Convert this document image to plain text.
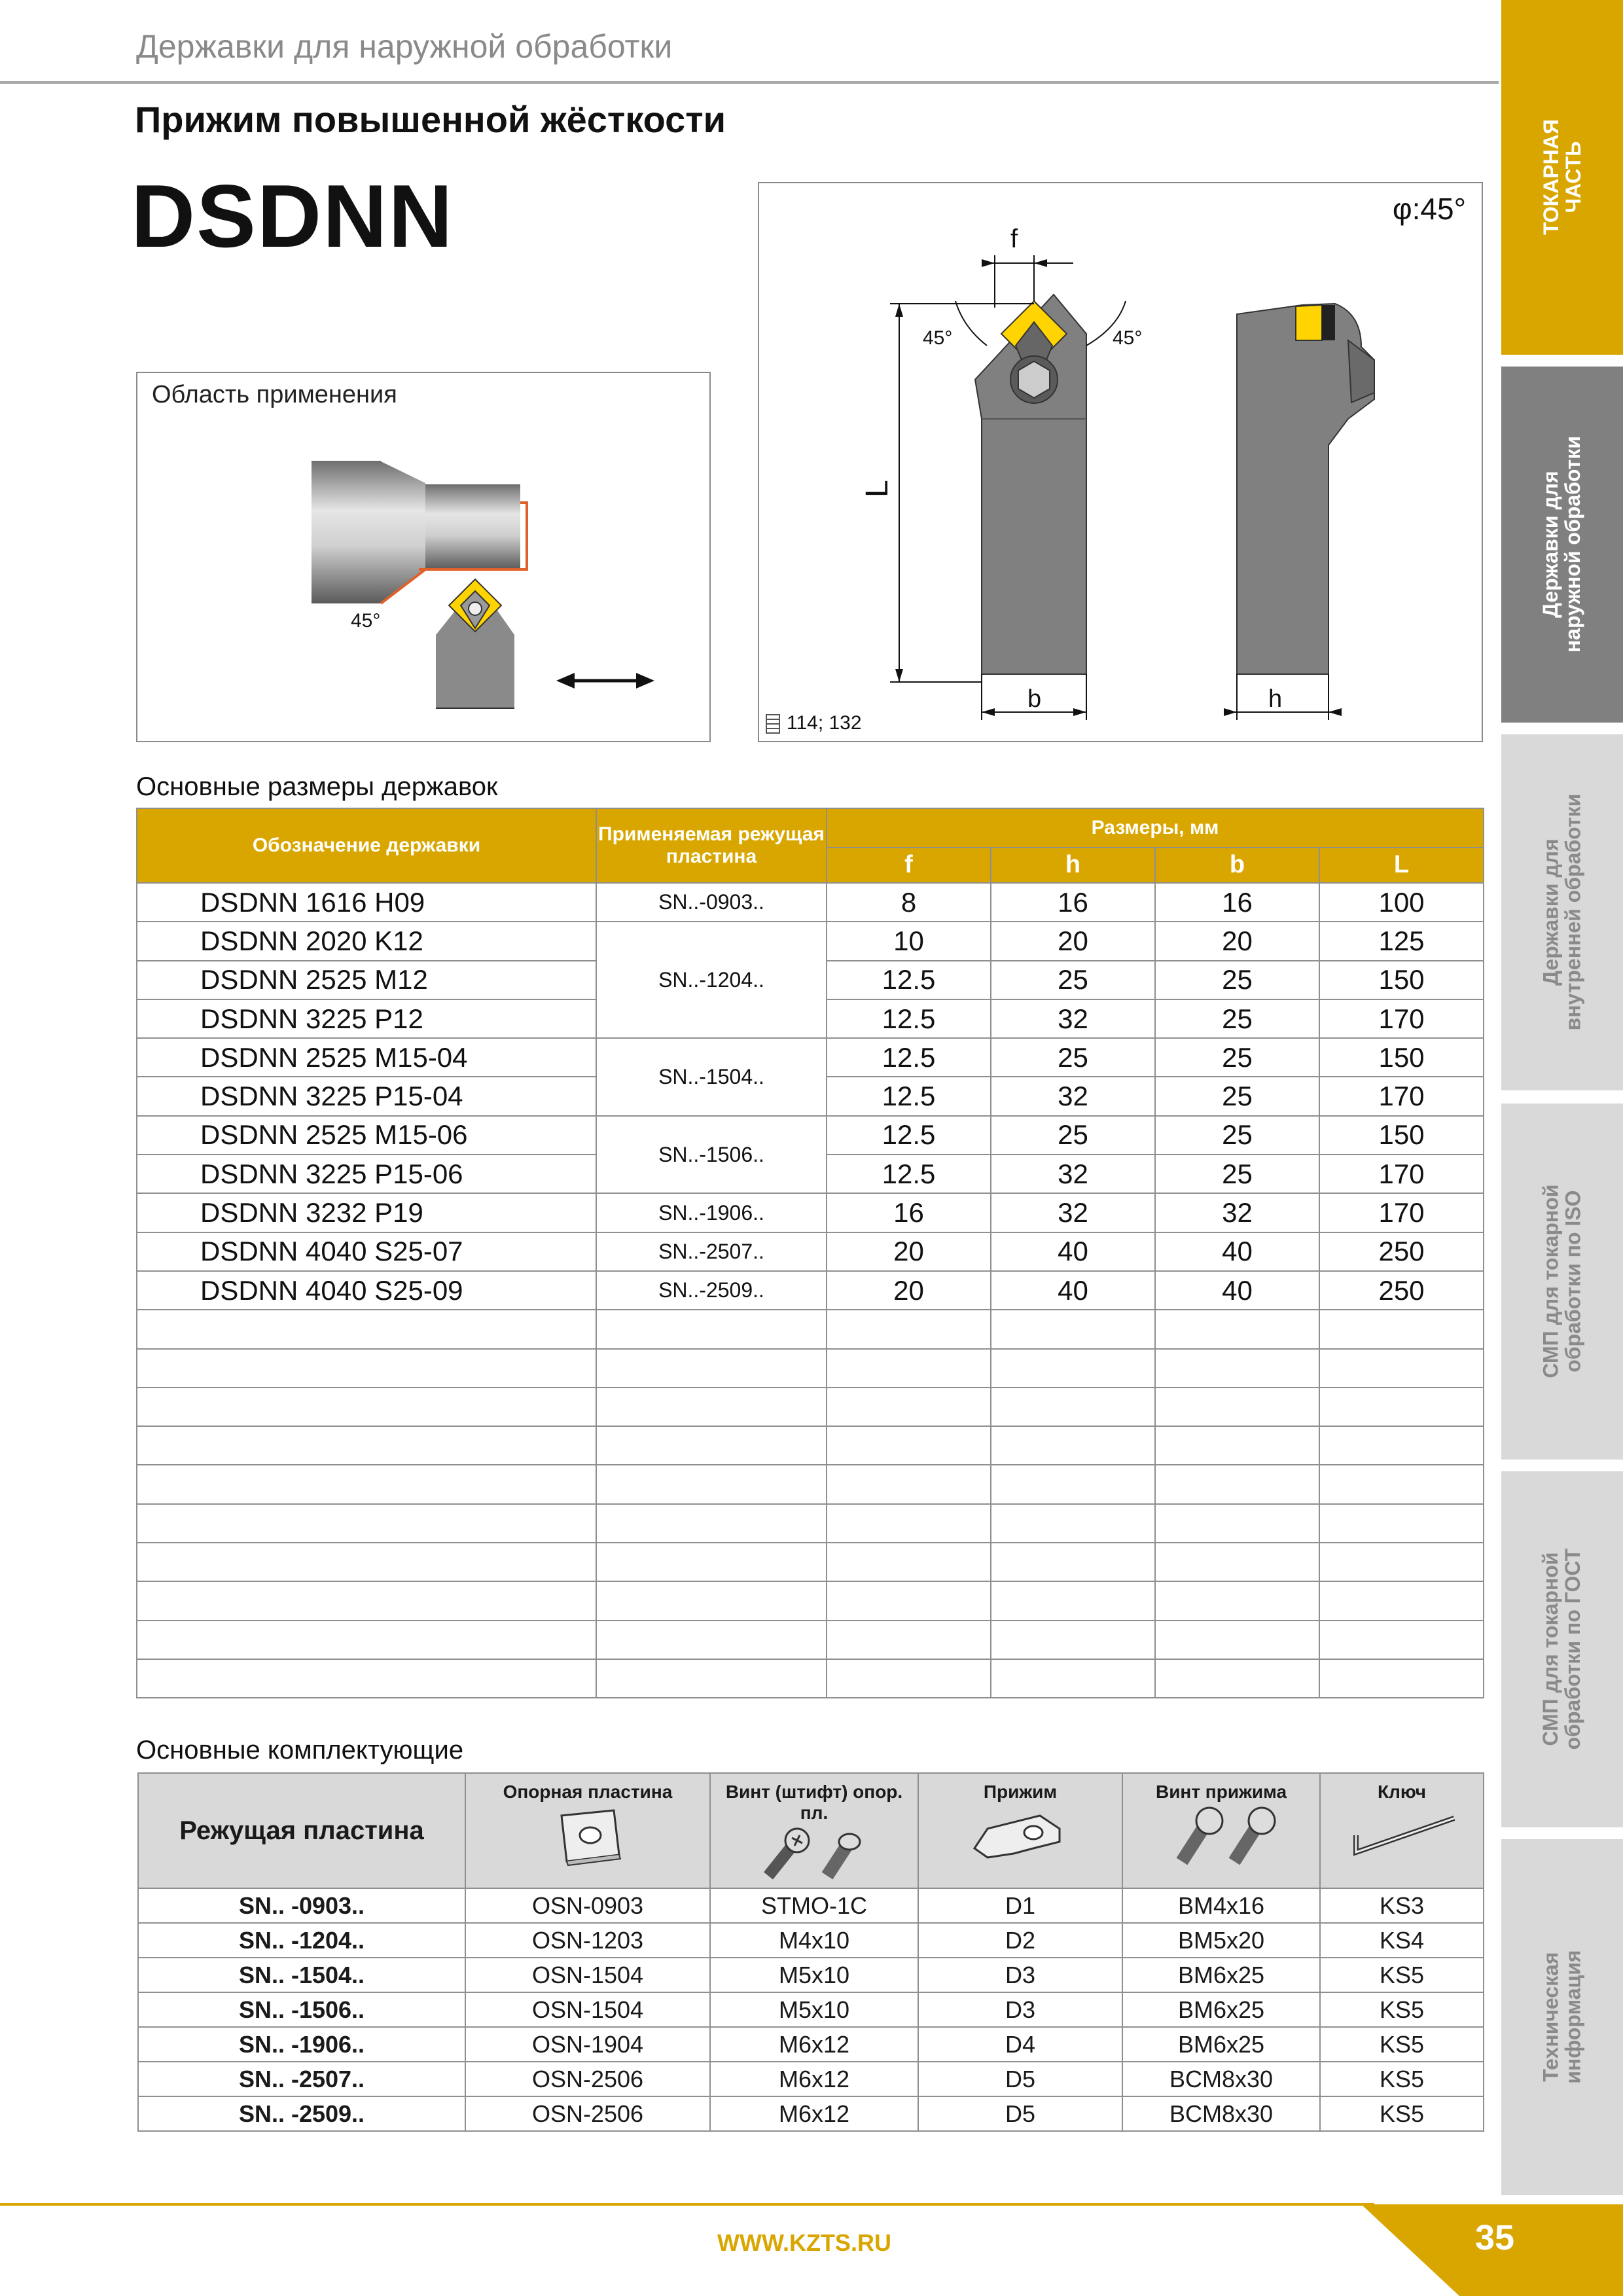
Державки для наружной обработки
Прижим повышенной жёсткости
DSDNN
Область применения
45°
φ:45°
f
45°	45°
L
b	h
114; 132
Основные размеры державок
Обозначение державки	Применяемая режущая пластина	Размеры, мм			
		f	h	b	L
DSDNN 1616 H09	SN..-0903..	8	16	16	100
DSDNN 2020 K12	SN..-1204..	10	20	20	125
DSDNN 2525 M12		12.5	25	25	150
DSDNN 3225 P12		12.5	32	25	170
DSDNN 2525 M15-04	SN..-1504..	12.5	25	25	150
DSDNN 3225 P15-04		12.5	32	25	170
DSDNN 2525 M15-06	SN..-1506..	12.5	25	25	150
DSDNN 3225 P15-06		12.5	32	25	170
DSDNN 3232 P19	SN..-1906..	16	32	32	170
DSDNN 4040 S25-07	SN..-2507..	20	40	40	250
DSDNN 4040 S25-09	SN..-2509..	20	40	40	250

Основные комплектующие
Режущая пластина	Опорная пластина	Винт (штифт) опор. пл.	Прижим	Винт прижима	Ключ

SN.. -0903..	OSN-0903	STMO-1C	D1	BM4x16	KS3
SN.. -1204..	OSN-1203	M4x10	D2	BM5x20	KS4
SN.. -1504..	OSN-1504	M5x10	D3	BM6x25	KS5
SN.. -1506..	OSN-1504	M5x10	D3	BM6x25	KS5
SN.. -1906..	OSN-1904	M6x12	D4	BM6x25	KS5
SN.. -2507..	OSN-2506	M6x12	D5	BCM8x30	KS5
SN.. -2509..	OSN-2506	M6x12	D5	BCM8x30	KS5
ТОКАРНАЯ
ЧАСТЬ
Державки для
наружной обработки
Державки для
внутренней обработки
СМП для токарной
обработки по ISO
СМП для токарной
обработки по ГОСТ
Техническая
информация
WWW.KZTS.RU	35
